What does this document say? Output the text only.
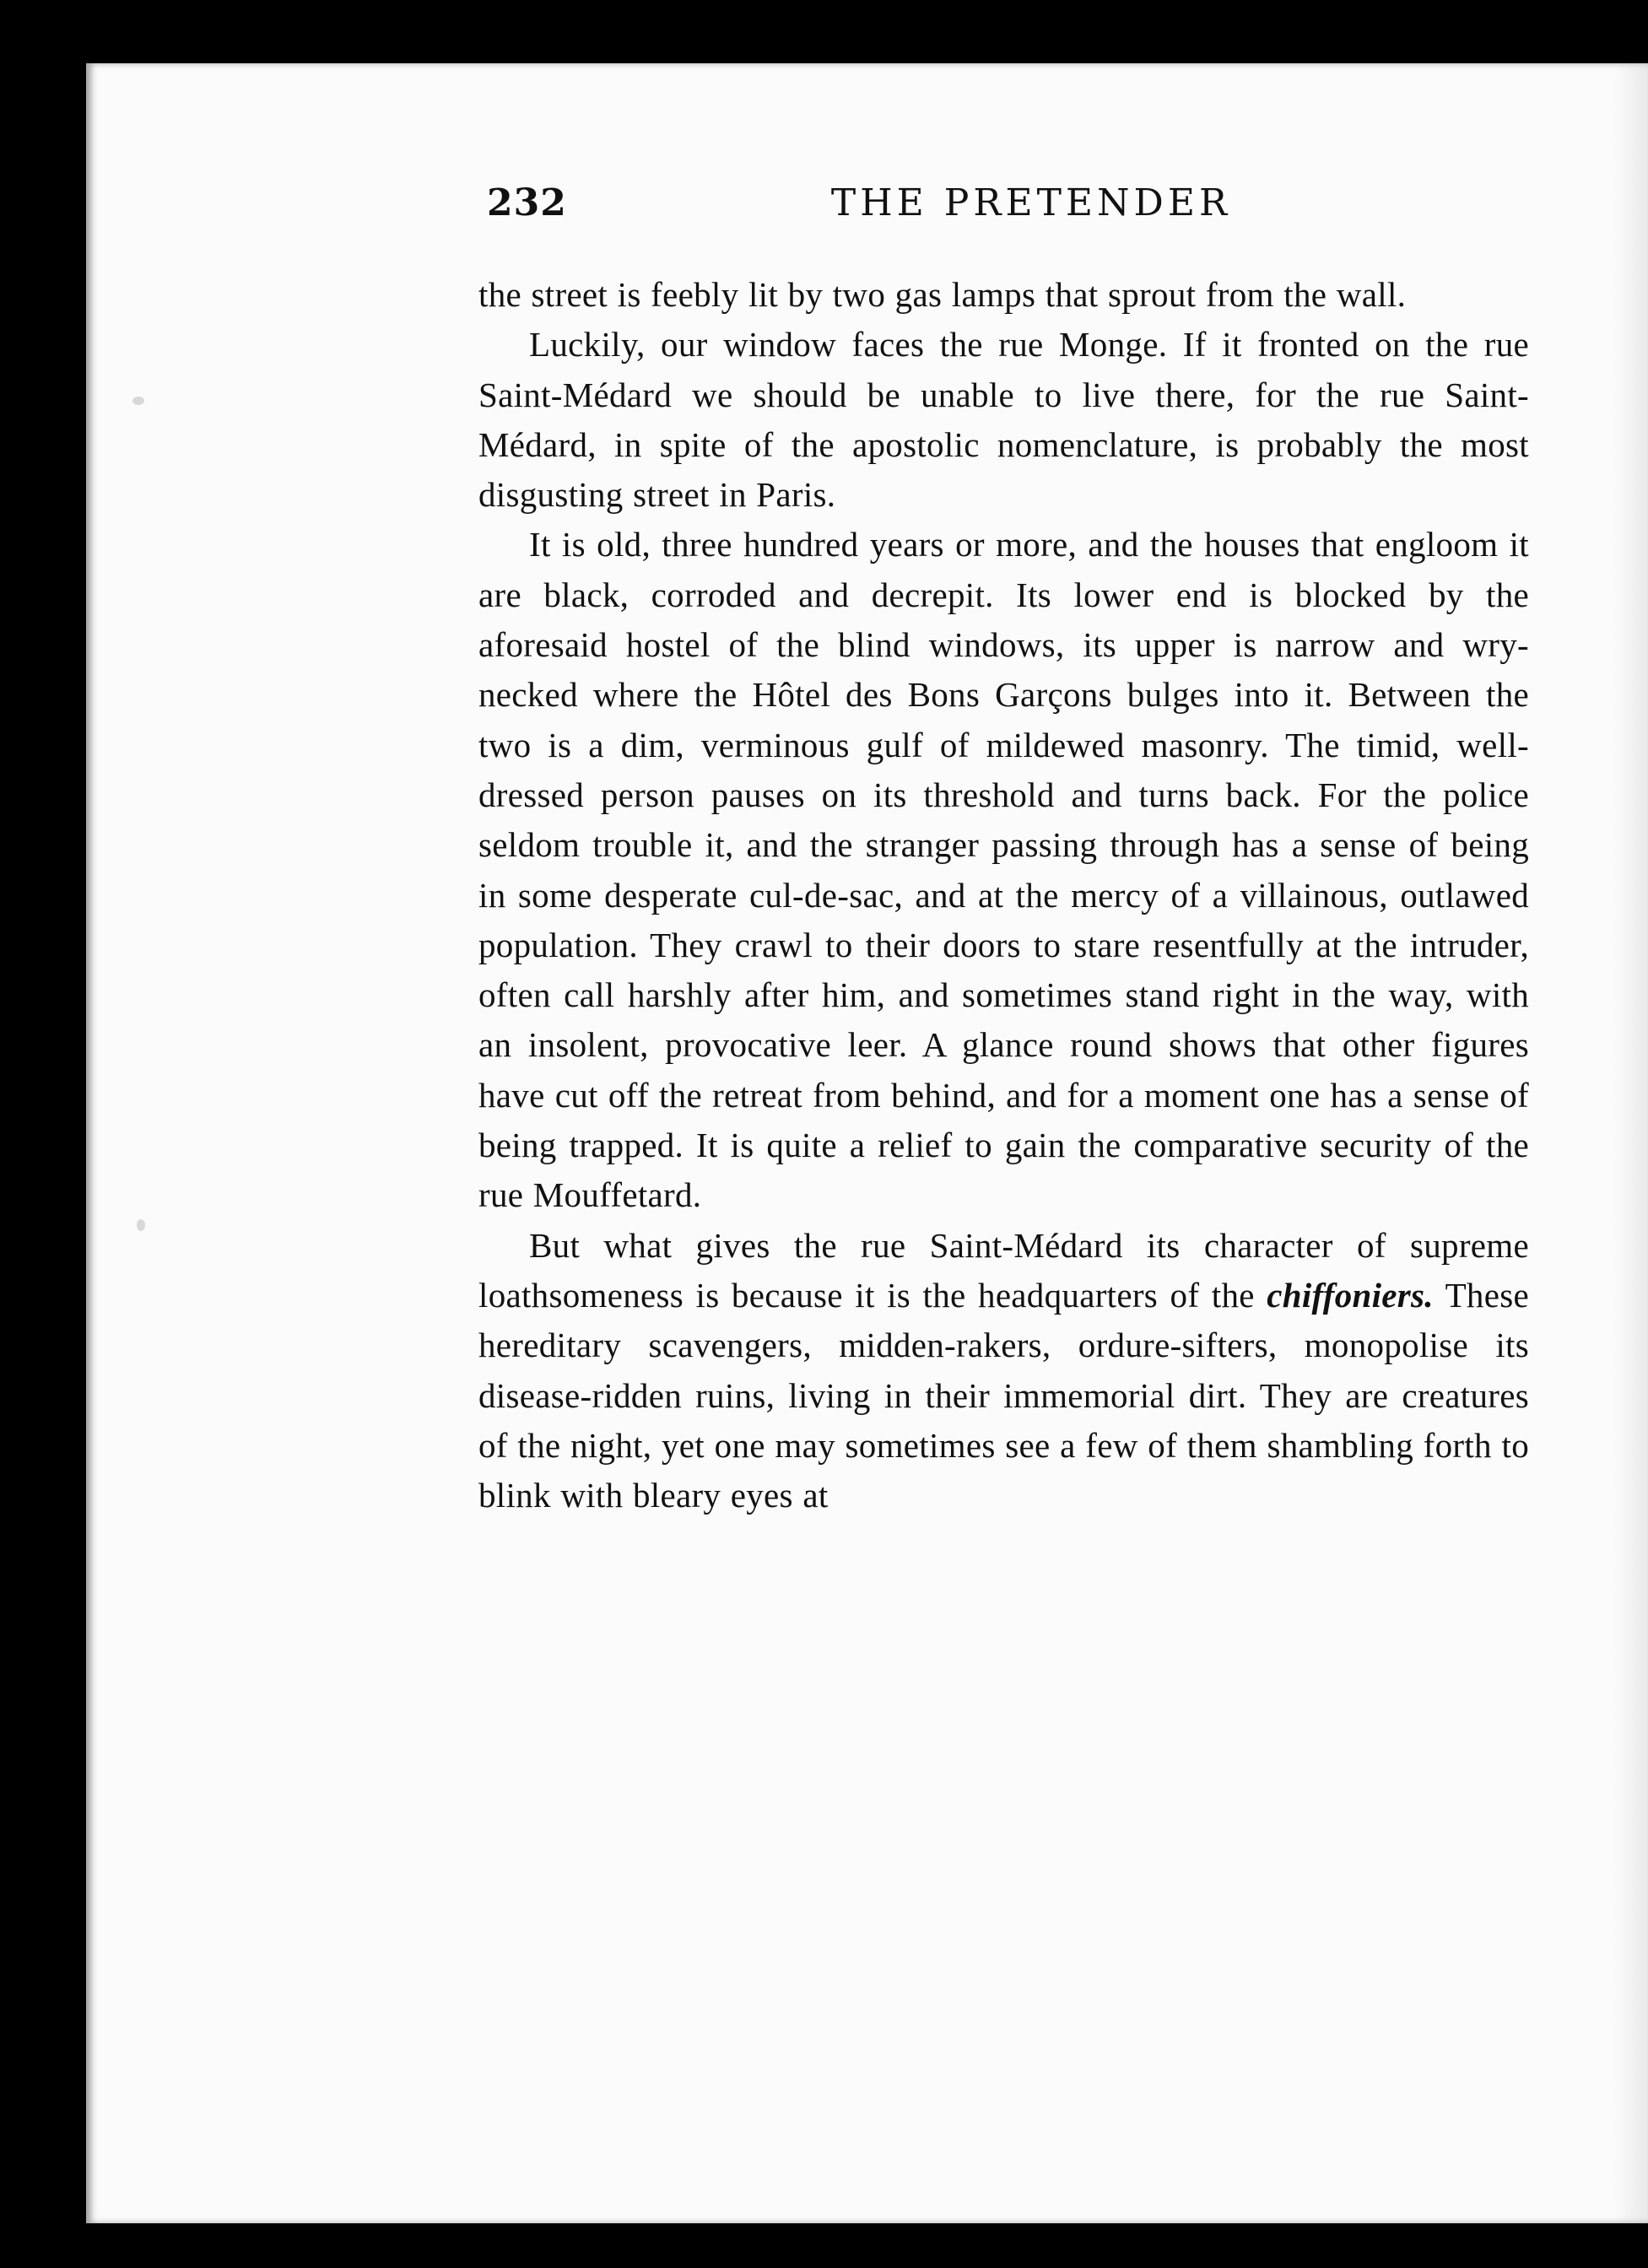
232	THE PRETENDER

the street is feebly lit by two gas lamps that sprout from the wall.

Luckily, our window faces the rue Monge. If it fronted on the rue Saint-Médard we should be unable to live there, for the rue Saint-Médard, in spite of the apostolic nomenclature, is probably the most disgusting street in Paris.

It is old, three hundred years or more, and the houses that engloom it are black, corroded and decrepit. Its lower end is blocked by the aforesaid hostel of the blind windows, its upper is narrow and wry-necked where the Hôtel des Bons Garçons bulges into it. Between the two is a dim, verminous gulf of mildewed masonry. The timid, well-dressed person pauses on its threshold and turns back. For the police seldom trouble it, and the stranger passing through has a sense of being in some desperate cul-de-sac, and at the mercy of a villainous, outlawed population. They crawl to their doors to stare resentfully at the intruder, often call harshly after him, and sometimes stand right in the way, with an insolent, provocative leer. A glance round shows that other figures have cut off the retreat from behind, and for a moment one has a sense of being trapped. It is quite a relief to gain the comparative security of the rue Mouffetard.

But what gives the rue Saint-Médard its character of supreme loathsomeness is because it is the headquarters of the chiffoniers. These hereditary scavengers, midden-rakers, ordure-sifters, monopolise its disease-ridden ruins, living in their immemorial dirt. They are creatures of the night, yet one may sometimes see a few of them shambling forth to blink with bleary eyes at
